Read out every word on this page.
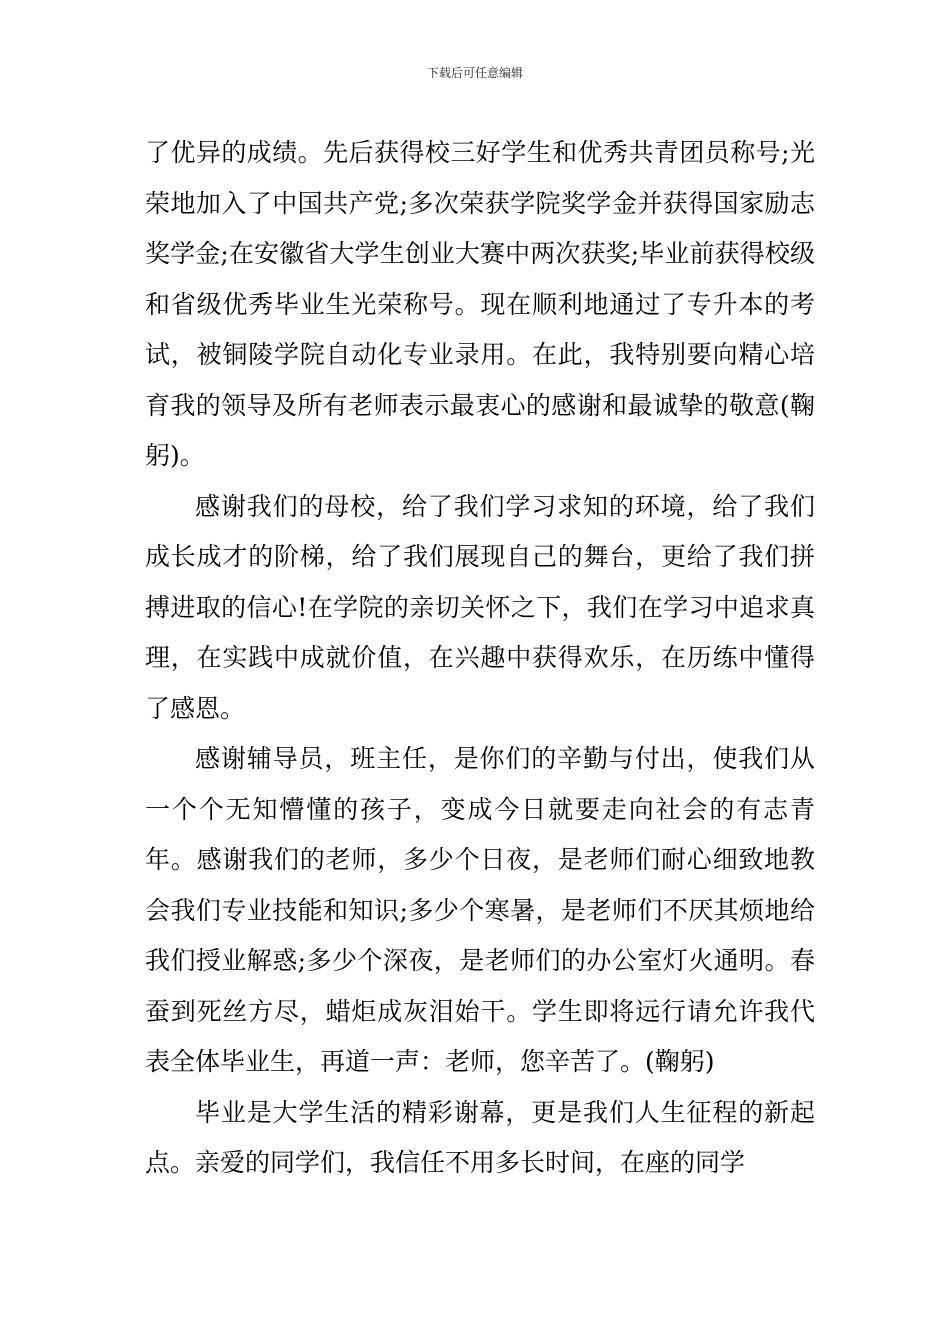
下载后可任意编辑

了优异的成绩。先后获得校三好学生和优秀共青团员称号;光荣地加入了中国共产党;多次荣获学院奖学金并获得国家励志奖学金;在安徽省大学生创业大赛中两次获奖;毕业前获得校级和省级优秀毕业生光荣称号。现在顺利地通过了专升本的考试，被铜陵学院自动化专业录用。在此，我特别要向精心培育我的领导及所有老师表示最衷心的感谢和最诚挚的敬意(鞠躬)。

感谢我们的母校，给了我们学习求知的环境，给了我们成长成才的阶梯，给了我们展现自己的舞台，更给了我们拼搏进取的信心!在学院的亲切关怀之下，我们在学习中追求真理，在实践中成就价值，在兴趣中获得欢乐，在历练中懂得了感恩。

感谢辅导员，班主任，是你们的辛勤与付出，使我们从一个个无知懵懂的孩子，变成今日就要走向社会的有志青年。感谢我们的老师，多少个日夜，是老师们耐心细致地教会我们专业技能和知识;多少个寒暑，是老师们不厌其烦地给我们授业解惑;多少个深夜，是老师们的办公室灯火通明。春蚕到死丝方尽，蜡炬成灰泪始干。学生即将远行请允许我代表全体毕业生，再道一声：老师，您辛苦了。(鞠躬)

毕业是大学生活的精彩谢幕，更是我们人生征程的新起点。亲爱的同学们，我信任不用多长时间，在座的同学
